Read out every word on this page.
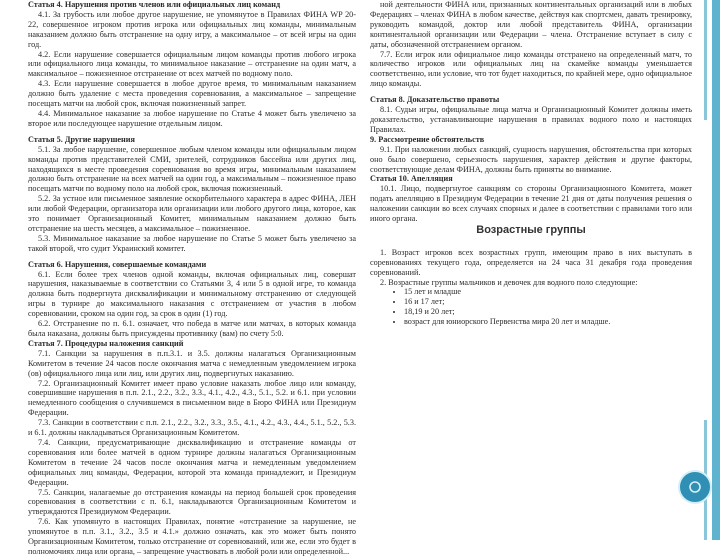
Статья 4. Нарушения против членов или официальных лиц команд
4.1. За грубость или любое другое нарушение, не упомянутое в Правилах ФИНА WP 20-22, совершенное игроком против игрока или официальных лиц команды, минимальным наказанием должно быть отстранение на одну игру, а максимальное – от всей игры на один год.
4.2. Если нарушение совершается официальным лицом команды против любого игрока или официального лица команды, то минимальное наказание – отстранение на один матч, а максимальное – пожизненное отстранение от всех матчей по водному поло.
4.3. Если нарушение совершается в любое другое время, то минимальным наказанием должно быть удаление с места проведения соревнования, а максимальное – запрещение посещать матчи на любой срок, включая пожизненный запрет.
4.4. Минимальное наказание за любое нарушение по Статье 4 может быть увеличено за второе или последующее нарушение отдельным лицом.
Статья 5. Другие нарушения
5.1. За любое нарушение, совершенное любым членом команды или официальным лицом команды против представителей СМИ, зрителей, сотрудников бассейна или других лиц, находящихся в месте проведения соревнования во время игры, минимальным наказанием должно быть отстранение на всех матчей на один год, а максимальным – пожизненное право посещать матчи по водному поло на любой срок, включая пожизненный.
5.2. За устное или письменное заявление оскорбительного характера в адрес ФИНА, ЛЕН или любой Федерации, организатора или организации или любого другого лица, которое, как это понимает Организационный Комитет, минимальным наказанием должно быть отстранение на шесть месяцев, а максимальное – пожизненное.
5.3. Минимальное наказание за любое нарушение по Статье 5 может быть увеличено за такой второй, что судит Украинский комитет.
Статья 6. Нарушения, совершаемые командами
6.1. Если более трех членов одной команды, включая официальных лиц, совершат нарушения, наказываемые в соответствии со Статьями 3, 4 или 5 в одной игре, то команда должна быть подвергнута дисквалификации и минимальному отстранению от следующей игры в турнире до максимального наказания с отстранением от участия в любом соревновании, сроком на один год, за срок в один (1) год.
6.2. Отстранение по п. 6.1. означает, что победа в матче или матчах, в которых команда была наказана, должны быть присуждены противнику (вам) по счету 5:0.
Статья 7. Процедуры наложения санкций
7.1. Санкции за нарушения в п.п.3.1. и 3.5. должны налагаться Организационным Комитетом в течение 24 часов после окончания матча с немедленным уведомлением игрока (ов) официального лица или лиц, или других лиц, подвергнутых наказанию.
7.2. Организационный Комитет имеет право условие наказать любое лицо или команду, совершившие нарушения в п.п. 2.1., 2.2., 3.2., 3.3., 4.1., 4.2., 4.3., 5.1., 5.2. и 6.1. при условии немедленного сообщения о случившемся в письменном виде в Бюро ФИНА или Президиум Федерации.
7.3. Санкции в соответствии с п.п. 2.1., 2.2., 3.2., 3.3., 3.5., 4.1., 4.2., 4.3., 4.4., 5.1., 5.2., 5.3. и 6.1. должны накладываться Организационным Комитетом.
7.4. Санкции, предусматривающие дисквалификацию и отстранение команды от соревнования или более матчей в одном турнире должны налагаться Организационным Комитетом в течение 24 часов после окончания матча и немедленным уведомлением официальных лиц команды, Федерации, которой эта команда принадлежит, и Президиум Федерации.
7.5. Санкции, налагаемые до отстранения команды на период большей срок проведения соревнования в соответствии с п. 6.1, накладываются Организационным Комитетом и утверждаются Президиумом Федерации.
7.6. Как упомянуто в настоящих Правилах, понятие «отстранение за нарушение, не упомянутое в п.п. 3.1., 3.2., 3.5 и 4.1.» должно означать, как это может быть понято Организационным Комитетом, только отстранение от соревнований, или же, если это будет в полномочиях лица или органа, – запрещение участвовать в любой роли или определенной...
ной деятельности ФИНА или, признанных континентальных организаций или в любых Федерациях – членах ФИНА в любом качестве, действуя как спортсмен, давать тренировку, руководить командой, доктор или любой представитель ФИНА, организации континентальной организации или Федерации – члена. Отстранение вступает в силу с даты, обозначенной отстранением органом.
7.7. Если игрок или официальное лицо команды отстранено на определенный матч, то количество игроков или официальных лиц на скамейке команды уменьшается соответственно, или условие, что тот будет находиться, по крайней мере, одно официальное лицо команды.
Статья 8. Доказательство правоты
8.1. Судьи игры, официальные лица матча и Организационный Комитет должны иметь доказательство, устанавливающие нарушения в правилах водного поло и настоящих Правилах.
9. Рассмотрение обстоятельств
9.1. При наложении любых санкций, сущность нарушения, обстоятельства при которых оно было совершено, серьезность нарушения, характер действия и другие факторы, соответствующие делам ФИНА, должны быть приняты во внимание.
Статья 10. Апелляция
10.1. Лицо, подвергнутое санкциям со стороны Организационного Комитета, может подать апелляцию в Президиум Федерации в течение 21 дня от даты получения решения о наложении санкции во всех случаях спорных и далее в соответствии с правилами того или иного органа.
Возрастные группы
1. Возраст игроков всех возрастных групп, имеющим право в них выступать в соревнованиях текущего года, определяется на 24 часа 31 декабря года проведения соревнований.
2. Возрастные группы мальчиков и девочек для водного поло следующие:
• 15 лет и младше
• 16 и 17 лет;
• 18,19 и 20 лет;
• возраст для юниорского Первенства мира 20 лет и младше.
